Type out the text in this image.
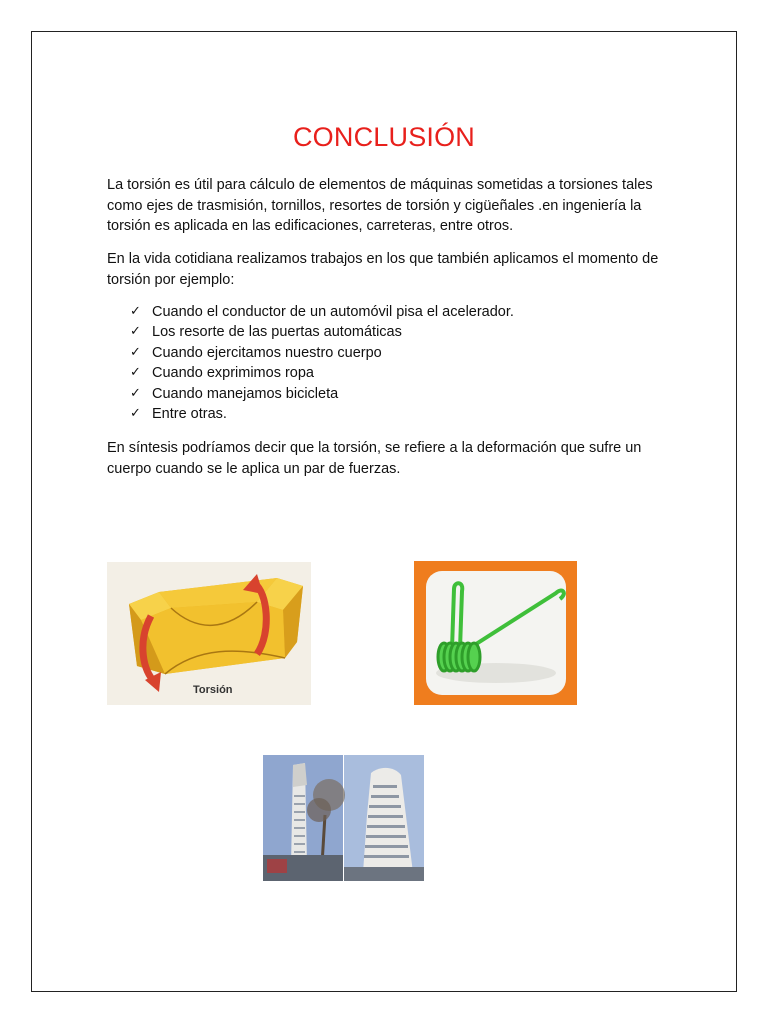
CONCLUSIÓN

La torsión es útil para cálculo de elementos de máquinas sometidas a torsiones tales como ejes de trasmisión, tornillos, resortes de torsión y cigüeñales .en ingeniería la torsión es aplicada en las edificaciones, carreteras, entre otros.

En la vida cotidiana realizamos trabajos en los que también aplicamos el momento de torsión por ejemplo:

✓ Cuando el conductor de un automóvil pisa el acelerador.
✓ Los resorte de las puertas automáticas
✓ Cuando ejercitamos nuestro cuerpo
✓ Cuando exprimimos ropa
✓ Cuando manejamos bicicleta
✓ Entre otras.

En síntesis podríamos decir que la torsión, se refiere a la deformación que sufre un cuerpo cuando se le aplica un par de fuerzas.

Torsión
